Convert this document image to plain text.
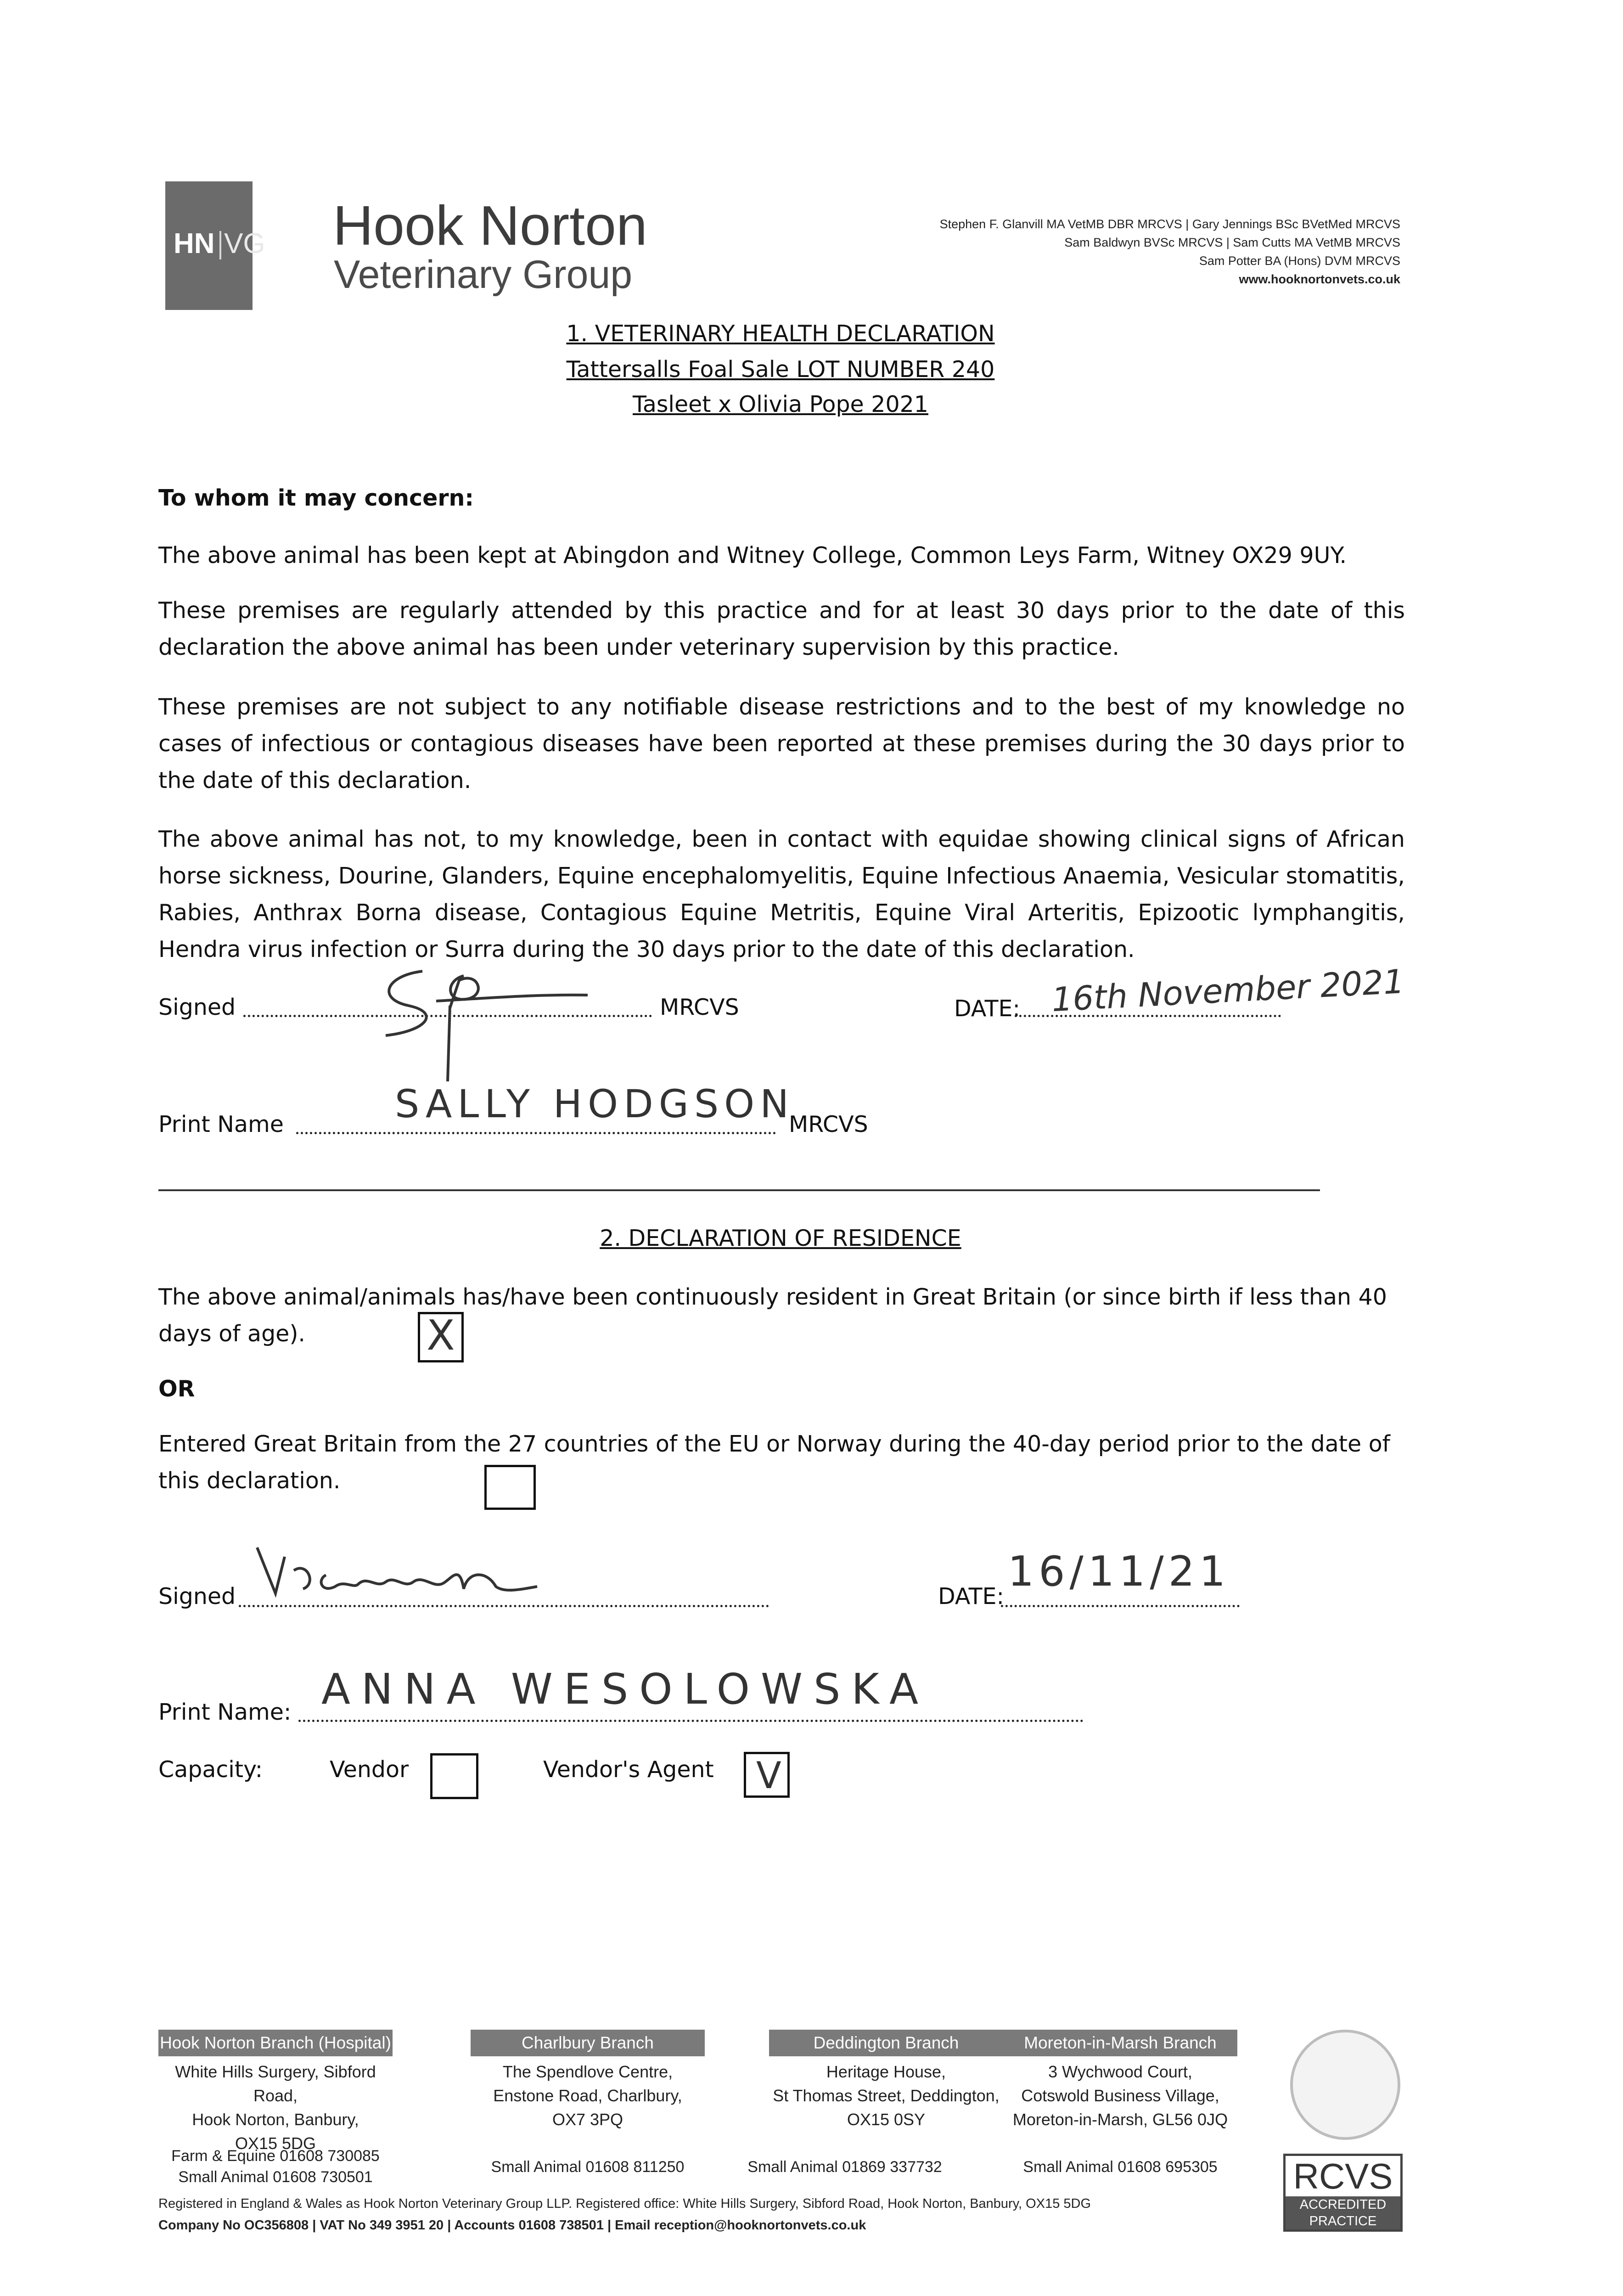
HN VG Hook Norton
Veterinary Group
Stephen F. Glanvill MA VetMB DBR MRCVS | Gary Jennings BSc BVetMed MRCVS
Sam Baldwyn BVSc MRCVS | Sam Cutts MA VetMB MRCVS
Sam Potter BA (Hons) DVM MRCVS
www.hooknortonvets.co.uk
1. VETERINARY HEALTH DECLARATION
Tattersalls Foal Sale LOT NUMBER 240
Tasleet x Olivia Pope 2021
To whom it may concern:
The above animal has been kept at Abingdon and Witney College, Common Leys Farm, Witney OX29 9UY.
These premises are regularly attended by this practice and for at least 30 days prior to the date of this declaration the above animal has been under veterinary supervision by this practice.
These premises are not subject to any notifiable disease restrictions and to the best of my knowledge no cases of infectious or contagious diseases have been reported at these premises during the 30 days prior to the date of this declaration.
The above animal has not, to my knowledge, been in contact with equidae showing clinical signs of African horse sickness, Dourine, Glanders, Equine encephalomyelitis, Equine Infectious Anaemia, Vesicular stomatitis, Rabies, Anthrax Borna disease, Contagious Equine Metritis, Equine Viral Arteritis, Epizootic lymphangitis, Hendra virus infection or Surra during the 30 days prior to the date of this declaration.
Signed	MRCVS	DATE: 16th November 2021
Print Name	SALLY HODGSON
MRCVS
2. DECLARATION OF RESIDENCE
The above animal/animals has/have been continuously resident in Great Britain (or since birth if less than 40 days of age).	X
OR
Entered Great Britain from the 27 countries of the EU or Norway during the 40-day period prior to the date of this declaration.
Signed	DATE:
16/11/21
Print Name: ANNA WESOLOWSKA
Capacity:	Vendor	Vendor's Agent V
Hook Norton Branch (Hospital)
White Hills Surgery, Sibford Road,
Hook Norton, Banbury,
OX15 5DG
Charlbury Branch
The Spendlove Centre,
Enstone Road, Charlbury,
OX7 3PQ
Deddington Branch
Heritage House,
St Thomas Street, Deddington,
OX15 0SY
Moreton-in-Marsh Branch
3 Wychwood Court,
Cotswold Business Village,
Moreton-in-Marsh, GL56 0JQ
Farm & Equine 01608 730085
Small Animal 01608 730501
Small Animal 01608 811250	Small Animal 01869 337732	Small Animal 01608 695305
Registered in England & Wales as Hook Norton Veterinary Group LLP. Registered office: White Hills Surgery, Sibford Road, Hook Norton, Banbury, OX15 5DG
Company No OC356808 | VAT No 349 3951 20 | Accounts 01608 738501 | Email reception@hooknortonvets.co.uk
RCVS
ACCREDITED
PRACTICE
